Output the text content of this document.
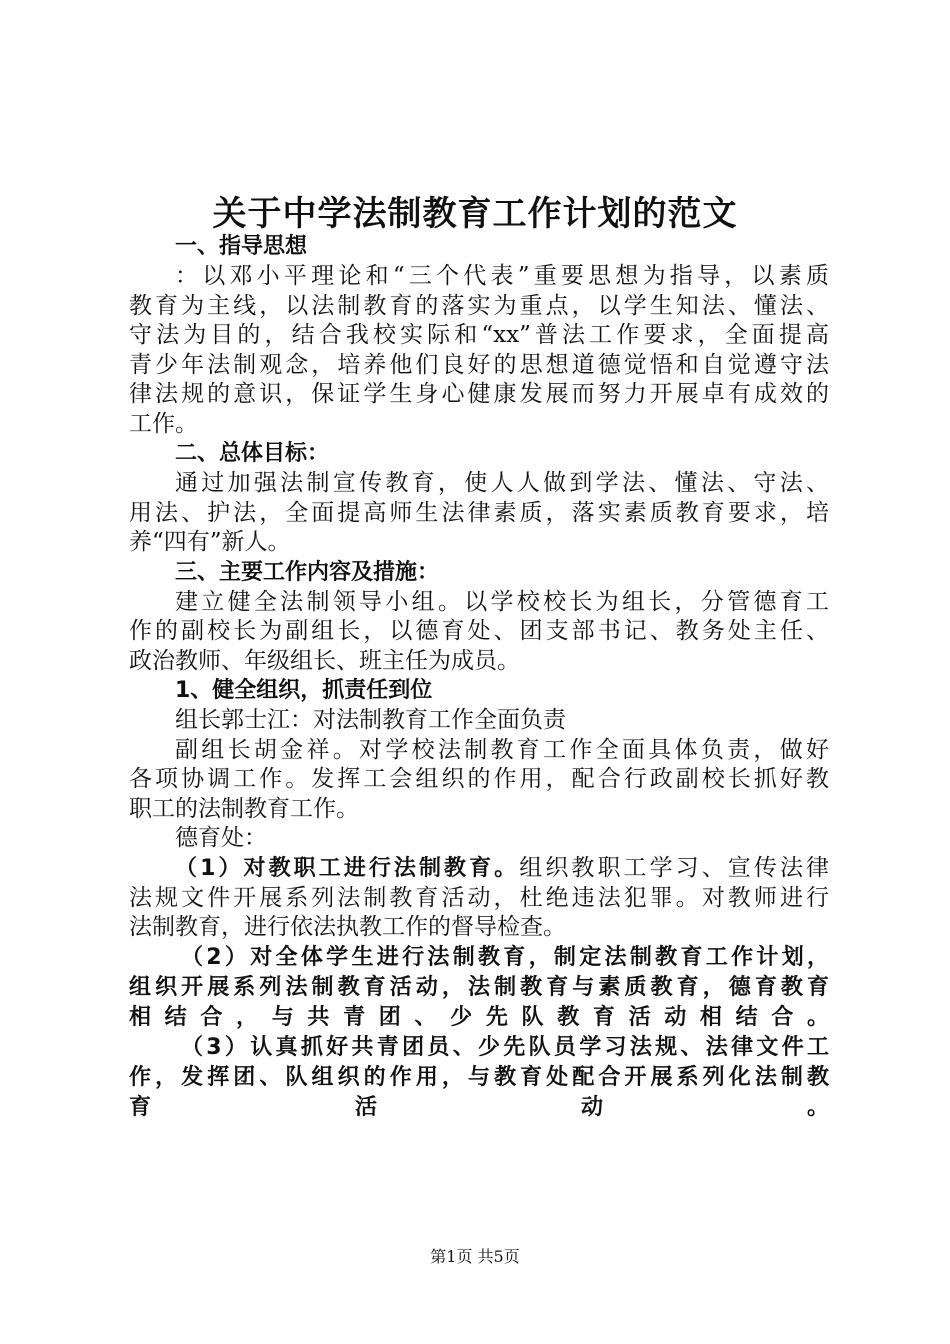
关于中学法制教育工作计划的范文

一、指导思想

：以邓小平理论和“三个代表”重要思想为指导，以素质

教育为主线，以法制教育的落实为重点，以学生知法、懂法、

守法为目的，结合我校实际和“xx”普法工作要求，全面提高

青少年法制观念，培养他们良好的思想道德觉悟和自觉遵守法

律法规的意识，保证学生身心健康发展而努力开展卓有成效的

工作。

二、总体目标：

通过加强法制宣传教育，使人人做到学法、懂法、守法、

用法、护法，全面提高师生法律素质，落实素质教育要求，培

养“四有”新人。

三、主要工作内容及措施：

建立健全法制领导小组。以学校校长为组长，分管德育工

作的副校长为副组长，以德育处、团支部书记、教务处主任、

政治教师、年级组长、班主任为成员。

1、健全组织，抓责任到位

组长郭士江：对法制教育工作全面负责

副组长胡金祥。对学校法制教育工作全面具体负责，做好

各项协调工作。发挥工会组织的作用，配合行政副校长抓好教

职工的法制教育工作。

德育处：

（1）对教职工进行法制教育。组织教职工学习、宣传法律

法规文件开展系列法制教育活动，杜绝违法犯罪。对教师进行

法制教育，进行依法执教工作的督导检查。

（2）对全体学生进行法制教育，制定法制教育工作计划，

组织开展系列法制教育活动，法制教育与素质教育，德育教育

相结合，与共青团、少先队教育活动相结合。

（3）认真抓好共青团员、少先队员学习法规、法律文件工

作，发挥团、队组织的作用，与教育处配合开展系列化法制教

育活动。

第1页 共5页
